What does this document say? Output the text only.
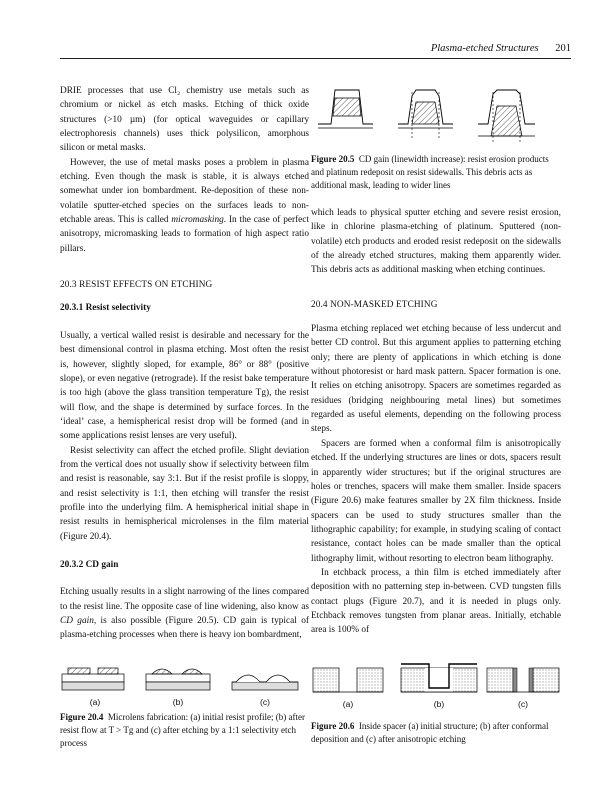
Plasma-etched Structures 201

DRIE processes that use Cl₂ chemistry use metals such as chromium or nickel as etch masks. Etching of thick oxide structures (>10 µm) (for optical waveguides or capillary electrophoresis channels) uses thick polysilicon, amorphous silicon or metal masks.

However, the use of metal masks poses a problem in plasma etching. Even though the mask is stable, it is always etched somewhat under ion bombardment. Re-deposition of these non-volatile sputter-etched species on the surfaces leads to non-etchable areas. This is called micromasking. In the case of perfect anisotropy, micromasking leads to formation of high aspect ratio pillars.

20.3 RESIST EFFECTS ON ETCHING
20.3.1 Resist selectivity

Usually, a vertical walled resist is desirable and necessary for the best dimensional control in plasma etching. Most often the resist is, however, slightly sloped, for example, 86° or 88° (positive slope), or even negative (retrograde). If the resist bake temperature is too high (above the glass transition temperature Tg), the resist will flow, and the shape is determined by surface forces. In the ‘ideal’ case, a hemispherical resist drop will be formed (and in some applications resist lenses are very useful).

Resist selectivity can affect the etched profile. Slight deviation from the vertical does not usually show if selectivity between film and resist is reasonable, say 3:1. But if the resist profile is sloppy, and resist selectivity is 1:1, then etching will transfer the resist profile into the underlying film. A hemispherical initial shape in resist results in hemispherical microlenses in the film material (Figure 20.4).

20.3.2 CD gain

Etching usually results in a slight narrowing of the lines compared to the resist line. The opposite case of line widening, also know as CD gain, is also possible (Figure 20.5). CD gain is typical of plasma-etching processes when there is heavy ion bombardment,

Figure 20.5 CD gain (linewidth increase): resist erosion products and platinum redeposit on resist sidewalls. This debris acts as additional mask, leading to wider lines

which leads to physical sputter etching and severe resist erosion, like in chlorine plasma-etching of platinum. Sputtered (non-volatile) etch products and eroded resist redeposit on the sidewalls of the already etched structures, making them apparently wider. This debris acts as additional masking when etching continues.

20.4 NON-MASKED ETCHING

Plasma etching replaced wet etching because of less undercut and better CD control. But this argument applies to patterning etching only; there are plenty of applications in which etching is done without photoresist or hard mask pattern. Spacer formation is one. It relies on etching anisotropy. Spacers are sometimes regarded as residues (bridging neighbouring metal lines) but sometimes regarded as useful elements, depending on the following process steps.

Spacers are formed when a conformal film is anisotropically etched. If the underlying structures are lines or dots, spacers result in apparently wider structures; but if the original structures are holes or trenches, spacers will make them smaller. Inside spacers (Figure 20.6) make features smaller by 2X film thickness. Inside spacers can be used to study structures smaller than the lithographic capability; for example, in studying scaling of contact resistance, contact holes can be made smaller than the optical lithography limit, without resorting to electron beam lithography.

In etchback process, a thin film is etched immediately after deposition with no patterning step in-between. CVD tungsten fills contact plugs (Figure 20.7), and it is needed in plugs only. Etchback removes tungsten from planar areas. Initially, etchable area is 100% of

(a)	(b)	(c)
Figure 20.4 Microlens fabrication: (a) initial resist profile; (b) after resist flow at T > Tg and (c) after etching by a 1:1 selectivity etch process
(a)	(b)	(c)
Figure 20.6 Inside spacer (a) initial structure; (b) after conformal deposition and (c) after anisotropic etching
